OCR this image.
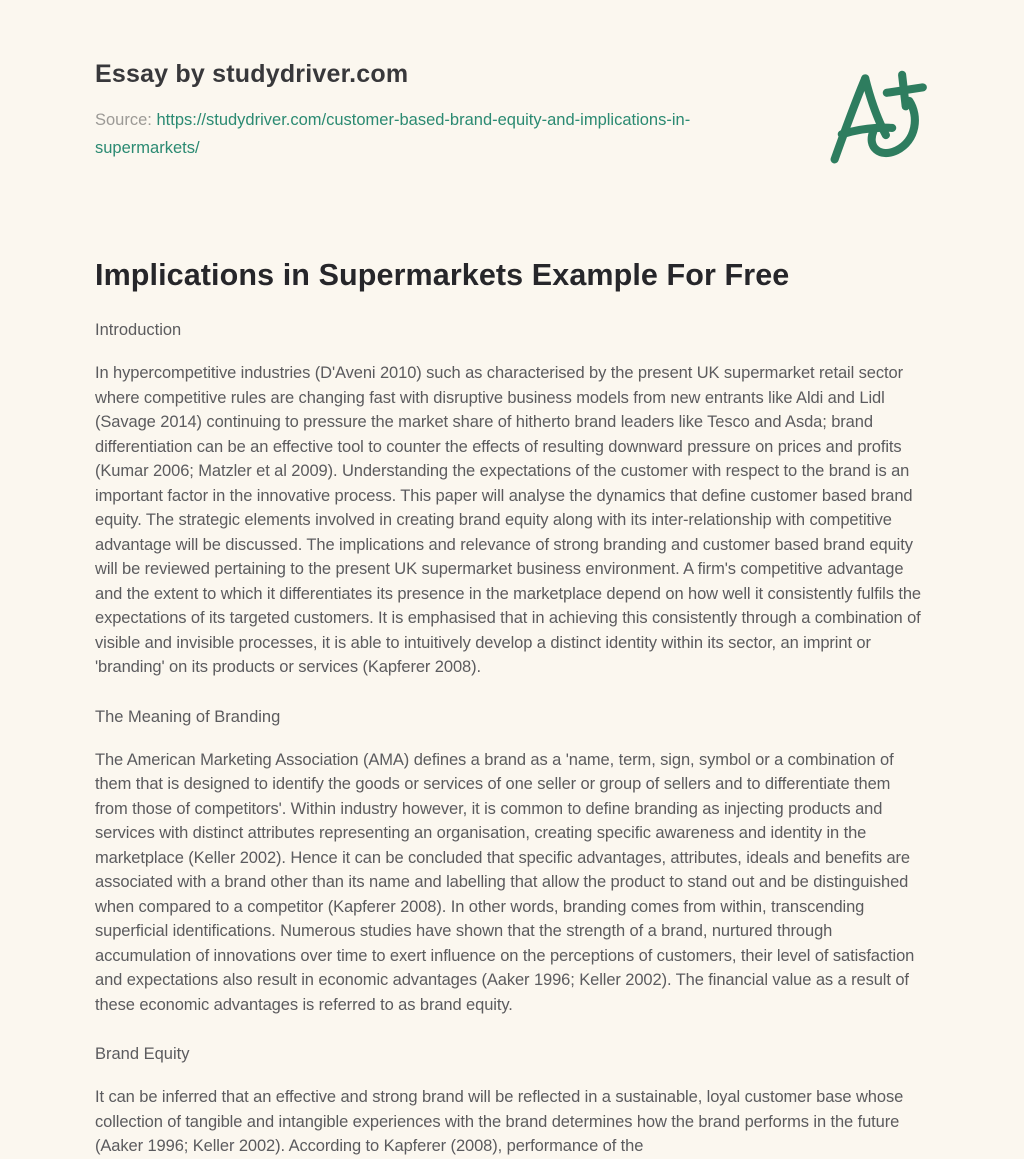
Essay by studydriver.com
Source: https://studydriver.com/customer-based-brand-equity-and-implications-in-supermarkets/
Implications in Supermarkets Example For Free
Introduction

In hypercompetitive industries (D'Aveni 2010) such as characterised by the present UK supermarket retail sector where competitive rules are changing fast with disruptive business models from new entrants like Aldi and Lidl (Savage 2014) continuing to pressure the market share of hitherto brand leaders like Tesco and Asda; brand differentiation can be an effective tool to counter the effects of resulting downward pressure on prices and profits (Kumar 2006; Matzler et al 2009). Understanding the expectations of the customer with respect to the brand is an important factor in the innovative process. This paper will analyse the dynamics that define customer based brand equity. The strategic elements involved in creating brand equity along with its inter-relationship with competitive advantage will be discussed. The implications and relevance of strong branding and customer based brand equity will be reviewed pertaining to the present UK supermarket business environment. A firm's competitive advantage and the extent to which it differentiates its presence in the marketplace depend on how well it consistently fulfils the expectations of its targeted customers. It is emphasised that in achieving this consistently through a combination of visible and invisible processes, it is able to intuitively develop a distinct identity within its sector, an imprint or 'branding' on its products or services (Kapferer 2008).

The Meaning of Branding

The American Marketing Association (AMA) defines a brand as a 'name, term, sign, symbol or a combination of them that is designed to identify the goods or services of one seller or group of sellers and to differentiate them from those of competitors'. Within industry however, it is common to define branding as injecting products and services with distinct attributes representing an organisation, creating specific awareness and identity in the marketplace (Keller 2002). Hence it can be concluded that specific advantages, attributes, ideals and benefits are associated with a brand other than its name and labelling that allow the product to stand out and be distinguished when compared to a competitor (Kapferer 2008). In other words, branding comes from within, transcending superficial identifications. Numerous studies have shown that the strength of a brand, nurtured through accumulation of innovations over time to exert influence on the perceptions of customers, their level of satisfaction and expectations also result in economic advantages (Aaker 1996; Keller 2002). The financial value as a result of these economic advantages is referred to as brand equity.

Brand Equity

It can be inferred that an effective and strong brand will be reflected in a sustainable, loyal customer base whose collection of tangible and intangible experiences with the brand determines how the brand performs in the future (Aaker 1996; Keller 2002). According to Kapferer (2008), performance of the
